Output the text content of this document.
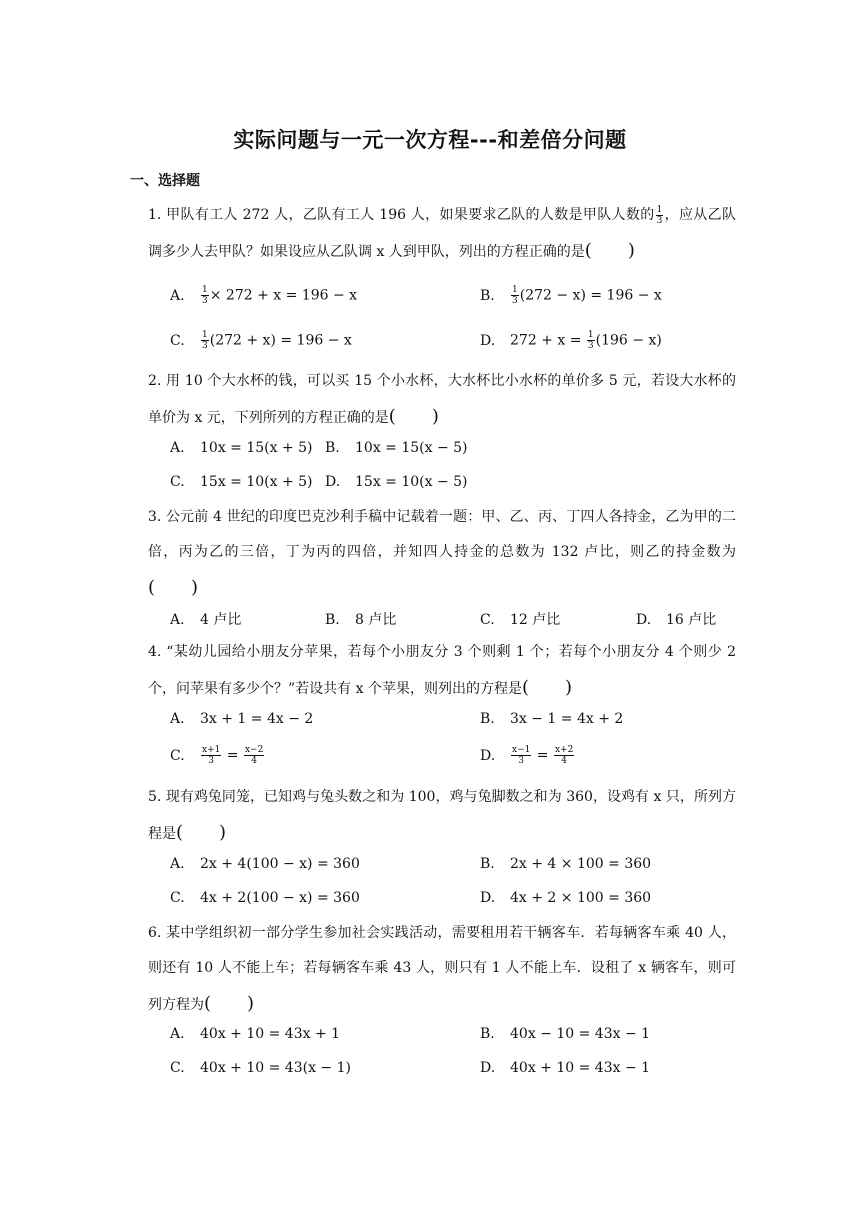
实际问题与一元一次方程---和差倍分问题
一、选择题
1. 甲队有工人 272 人，乙队有工人 196 人，如果要求乙队的人数是甲队人数的 $\frac{1}{3}$ ，应从乙队调多少人去甲队？如果设应从乙队调 x 人到甲队，列出的方程正确的是(　　)
A. $\frac{1}{3} \times 272 + x = 196 - x$	B. $\frac{1}{3} (272 - x) = 196 - x$
C. $\frac{1}{3} (272 + x) = 196 - x$	D. $272 + x = \frac{1}{3} (196 - x)$
2. 用 10 个大水杯的钱，可以买 15 个小水杯，大水杯比小水杯的单价多 5 元，若设大水杯的单价为 x 元，下列所列的方程正确的是(　　)
A. 10x = 15(x + 5) B. 10x = 15(x − 5)
C. 15x = 10(x + 5) D. 15x = 10(x − 5)
3. 公元前 4 世纪的印度巴克沙利手稿中记载着一题：甲、乙、丙、丁四人各持金，乙为甲的二倍，丙为乙的三倍，丁为丙的四倍，并知四人持金的总数为 132 卢比，则乙的持金数为(　　)
A. 4 卢比	B. 8 卢比	C. 12 卢比	D. 16 卢比
4. “某幼儿园给小朋友分苹果，若每个小朋友分 3 个则剩 1 个；若每个小朋友分 4 个则少 2 个，问苹果有多少个？”若设共有 x 个苹果，则列出的方程是(　　)
A. 3x + 1 = 4x − 2	B. 3x − 1 = 4x + 2
C. $\frac{x+1}{3} = \frac{x-2}{4}$	D. $\frac{x-1}{3} = \frac{x+2}{4}$
5. 现有鸡兔同笼，已知鸡与兔头数之和为 100，鸡与兔脚数之和为 360，设鸡有 x 只，所列方程是(　　)
A. 2x + 4(100 − x) = 360	B. 2x + 4 × 100 = 360
C. 4x + 2(100 − x) = 360	D. 4x + 2 × 100 = 360
6. 某中学组织初一部分学生参加社会实践活动，需要租用若干辆客车．若每辆客车乘 40 人，则还有 10 人不能上车；若每辆客车乘 43 人，则只有 1 人不能上车．设租了 x 辆客车，则可列方程为(　　)
A. 40x + 10 = 43x + 1	B. 40x − 10 = 43x − 1
C. 40x + 10 = 43(x − 1)	D. 40x + 10 = 43x − 1
